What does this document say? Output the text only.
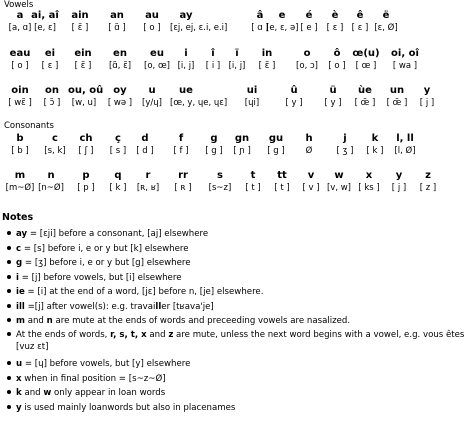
Vowels
a
[a, ɑ]
ai, aî
[e, ɛ]
ain
[ ɛ̃ ]
an
[ ɑ̃ ]
au
[ o ]
ay
[ɛj, ej, ɛ.i, e.i]
â
[ ɑ ]
e
[e, ɛ, ə]
é
[ e ]
è
[ ɛ ]
ê
[ ɛ ]
ë
[ɛ, Ø]
eau
[ o ]
ei
[ ɛ ]
ein
[ ɛ̃ ]
en
[ɑ̃, ɛ̃]
eu
[o, œ]
i
[i, j]
î
[ i ]
ï
[i, j]
in
[ ɛ̃ ]
o
[o, ɔ]
ô
[ o ]
œ(u)
[ œ ]
oi, oî
[ wa ]
oin
[ wɛ̃ ]
on
[ ɔ̃ ]
ou, oû
[w, u]
oy
[ wə ]
u
[y/ɥ]
ue
[œ, y, ɥe, ɥɛ]
ui
[ɥi]
û
[ y ]
ü
[ y ]
ùe
[ œ̃ ]
un
[ œ̃ ]
y
[ j ]
Consonants
b
[ b ]
c
[s, k]
ch
[ ʃ ]
ç
[ s ]
d
[ d ]
f
[ f ]
g
[ g ]
gn
[ ɲ ]
gu
[ g ]
h
Ø
j
[ ʒ ]
k
[ k ]
l, ll
[l, Ø]
m
[m~Ø]
n
[n~Ø]
p
[ p ]
q
[ k ]
r
[ʀ, ʁ]
rr
[ ʀ ]
s
[s~z]
t
[ t ]
tt
[ t ]
v
[ v ]
w
[v, w]
x
[ ks ]
y
[ j ]
z
[ z ]
Notes
ay = [ɛji] before a consonant, [aj] elsewhere
c = [s] before i, e or y but [k] elsewhere
g = [ʒ] before i, e or y but [g] elsewhere
i = [j] before vowels, but [i] elsewhere
ie = [i] at the end of a word, [jɛ] before n, [je] elsewhere.
ill =[j] after vowel(s): e.g. travailler [tʁava'je]
m and n are mute at the ends of words and preceeding vowels are nasalized.
At the ends of words, r, s, t, x and z are mute, unless the next word begins with a vowel, e.g. vous êtes [vuz ɛt]
u = [ɥ] before vowels, but [y] elsewhere
x when in final position = [s~z~Ø]
k and w only appear in loan words
y is used mainly loanwords but also in placenames
